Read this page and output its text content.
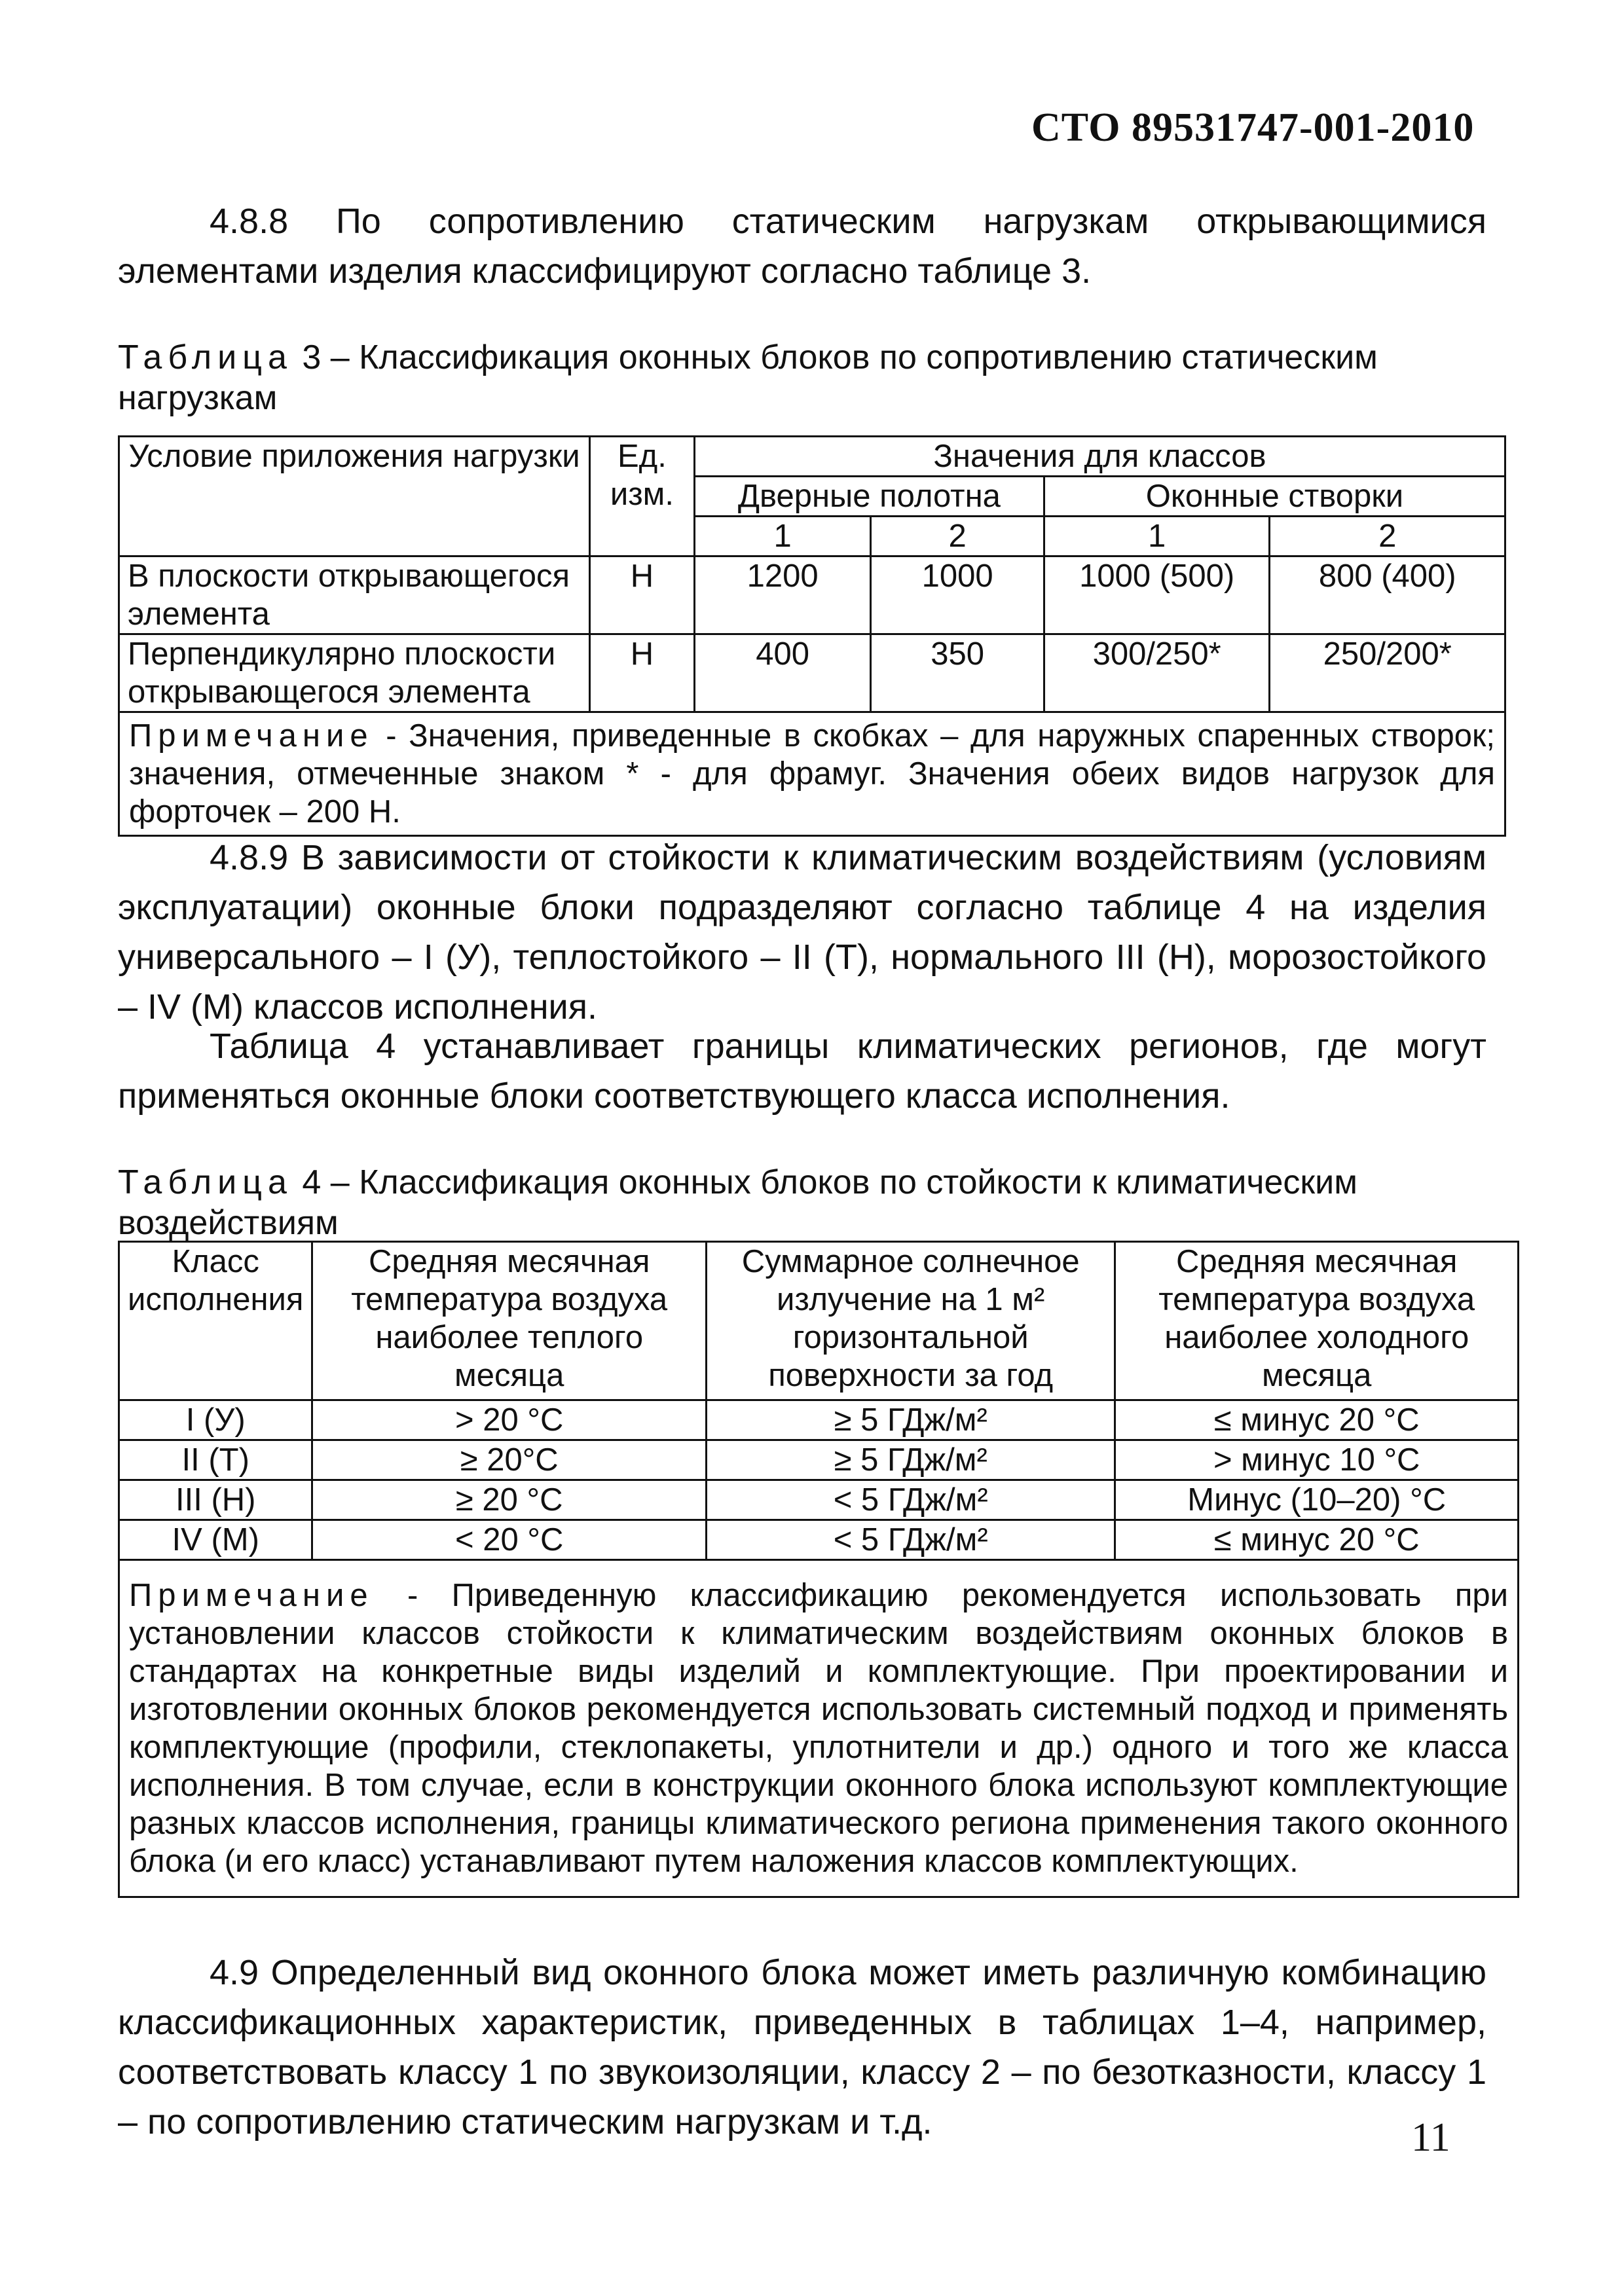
СТО 89531747-001-2010

4.8.8 По сопротивлению статическим нагрузкам открывающимися элементами изделия классифицируют согласно таблице 3.

Таблица 3 – Классификация оконных блоков по сопротивлению статическим нагрузкам
Условие приложения нагрузки	Ед. изм.	Значения для классов			
		Дверные полотна		Оконные створки	
		1	2	1	2
В плоскости открывающегося элемента	Н	1200	1000	1000 (500)	800 (400)
Перпендикулярно плоскости открывающегося элемента	Н	400	350	300/250*	250/200*
Примечание - Значения, приведенные в скобках – для наружных спаренных створок; значения, отмеченные знаком * - для фрамуг. Значения обеих видов нагрузок для форточек – 200 Н.					

4.8.9 В зависимости от стойкости к климатическим воздействиям (условиям эксплуатации) оконные блоки подразделяют согласно таблице 4 на изделия универсального – I (У), теплостойкого – II (Т), нормального III (Н), морозостойкого – IV (М) классов исполнения.

Таблица 4 устанавливает границы климатических регионов, где могут применяться оконные блоки соответствующего класса исполнения.

Таблица 4 – Классификация оконных блоков по стойкости к климатическим воздействиям
Класс исполнения	Средняя месячная температура воздуха наиболее теплого месяца	Суммарное солнечное излучение на 1 м² горизонтальной поверхности за год	Средняя месячная температура воздуха наиболее холодного месяца
I (У)	> 20 °С	≥ 5 ГДж/м²	≤ минус 20 °С
II (Т)	≥ 20°С	≥ 5 ГДж/м²	> минус 10 °С
III (Н)	≥ 20 °С	< 5 ГДж/м²	Минус (10–20) °С
IV (М)	< 20 °С	< 5 ГДж/м²	≤ минус 20 °С
Примечание - Приведенную классификацию рекомендуется использовать при установлении классов стойкости к климатическим воздействиям оконных блоков в стандартах на конкретные виды изделий и комплектующие. При проектировании и изготовлении оконных блоков рекомендуется использовать системный подход и применять комплектующие (профили, стеклопакеты, уплотнители и др.) одного и того же класса исполнения. В том случае, если в конструкции оконного блока используют комплектующие разных классов исполнения, границы климатического региона применения такого оконного блока (и его класс) устанавливают путем наложения классов комплектующих.			

4.9 Определенный вид оконного блока может иметь различную комбинацию классификационных характеристик, приведенных в таблицах 1–4, например, соответствовать классу 1 по звукоизоляции, классу 2 – по безотказности, классу 1 – по сопротивлению статическим нагрузкам и т.д.	11
